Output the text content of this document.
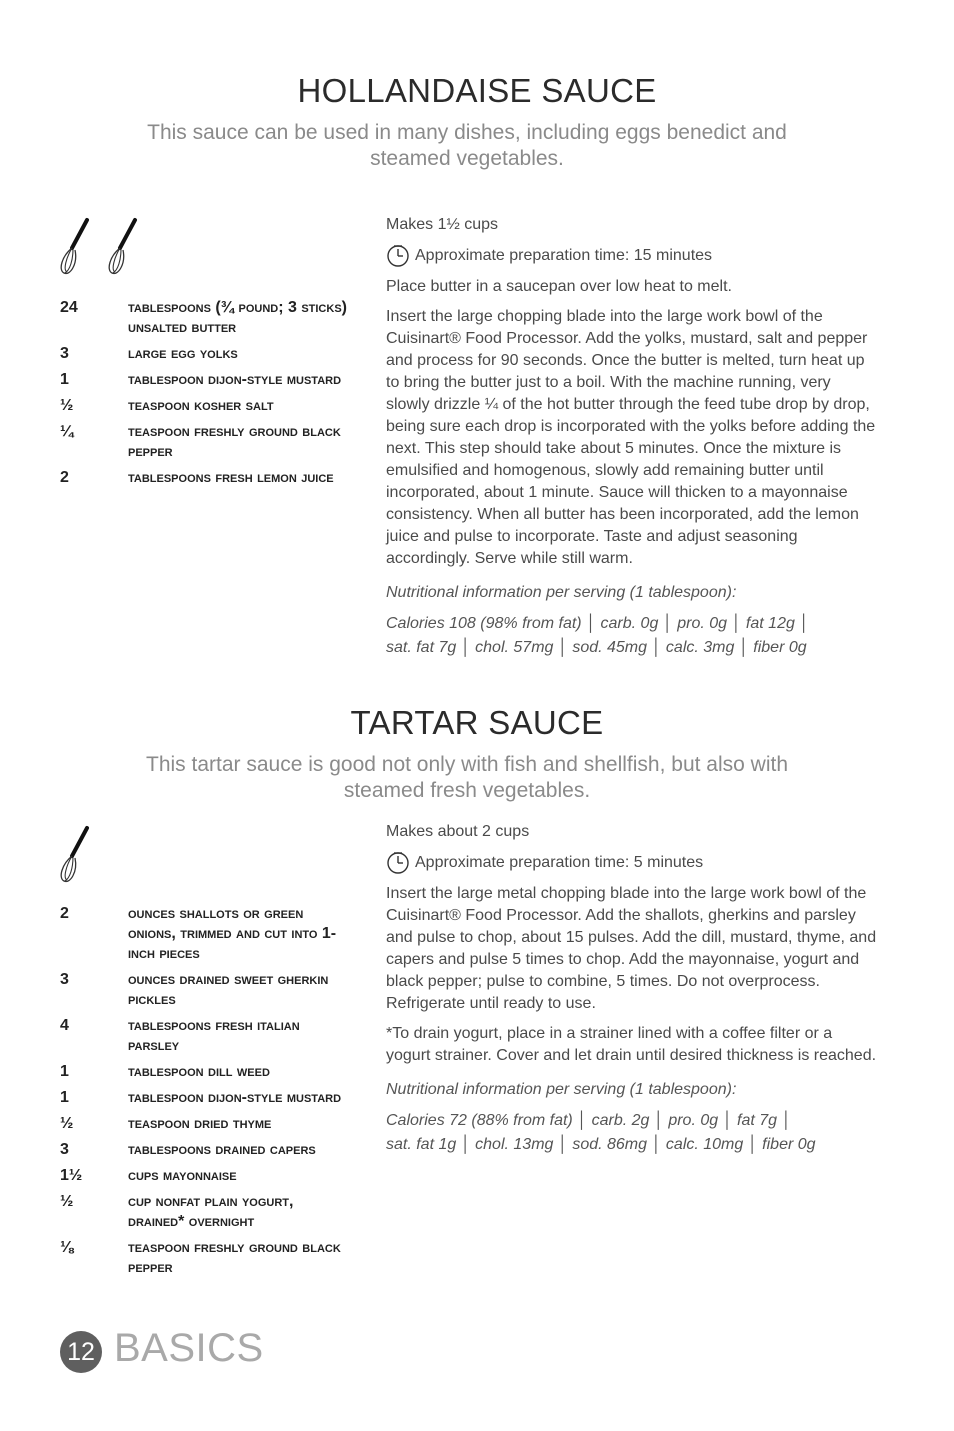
HOLLANDAISE SAUCE
This sauce can be used in many dishes, including eggs benedict and steamed vegetables.
24	tablespoons (¾ pound; 3 sticks) unsalted butter
3	large egg yolks
1	tablespoon dijon-style mustard
½	teaspoon kosher salt
¼	teaspoon freshly ground black pepper
2	tablespoons fresh lemon juice

Makes 1½ cups

Approximate preparation time: 15 minutes

Place butter in a saucepan over low heat to melt.

Insert the large chopping blade into the large work bowl of the Cuisinart® Food Processor. Add the yolks, mustard, salt and pepper and process for 90 seconds. Once the butter is melted, turn heat up to bring the butter just to a boil. With the machine running, very slowly drizzle ¼ of the hot butter through the feed tube drop by drop, being sure each drop is incorporated with the yolks before adding the next. This step should take about 5 minutes. Once the mixture is emulsified and homogenous, slowly add remaining butter until incorporated, about 1 minute. Sauce will thicken to a mayonnaise consistency. When all butter has been incorporated, add the lemon juice and pulse to incorporate. Taste and adjust seasoning accordingly. Serve while still warm.

Nutritional information per serving (1 tablespoon):

Calories 108 (98% from fat) │ carb. 0g │ pro. 0g │ fat 12g │
sat. fat 7g │ chol. 57mg │ sod. 45mg │ calc. 3mg │ fiber 0g
TARTAR SAUCE
This tartar sauce is good not only with fish and shellfish, but also with steamed fresh vegetables.
2	ounces shallots or green onions, trimmed and cut into 1-inch pieces
3	ounces drained sweet gherkin pickles
4	tablespoons fresh italian parsley
1	tablespoon dill weed
1	tablespoon dijon-style mustard
½	teaspoon dried thyme
3	tablespoons drained capers
1½	cups mayonnaise
½	cup nonfat plain yogurt, drained* overnight
⅛	teaspoon freshly ground black pepper

Makes about 2 cups

Approximate preparation time: 5 minutes

Insert the large metal chopping blade into the large work bowl of the Cuisinart® Food Processor. Add the shallots, gherkins and parsley and pulse to chop, about 15 pulses. Add the dill, mustard, thyme, and capers and pulse 5 times to chop. Add the mayonnaise, yogurt and black pepper; pulse to combine, 5 times. Do not overprocess. Refrigerate until ready to use.

*To drain yogurt, place in a strainer lined with a coffee filter or a yogurt strainer. Cover and let drain until desired thickness is reached.

Nutritional information per serving (1 tablespoon):

Calories 72 (88% from fat) │ carb. 2g │ pro. 0g │ fat 7g │
sat. fat 1g │ chol. 13mg │ sod. 86mg │ calc. 10mg │ fiber 0g
12 BASICS
